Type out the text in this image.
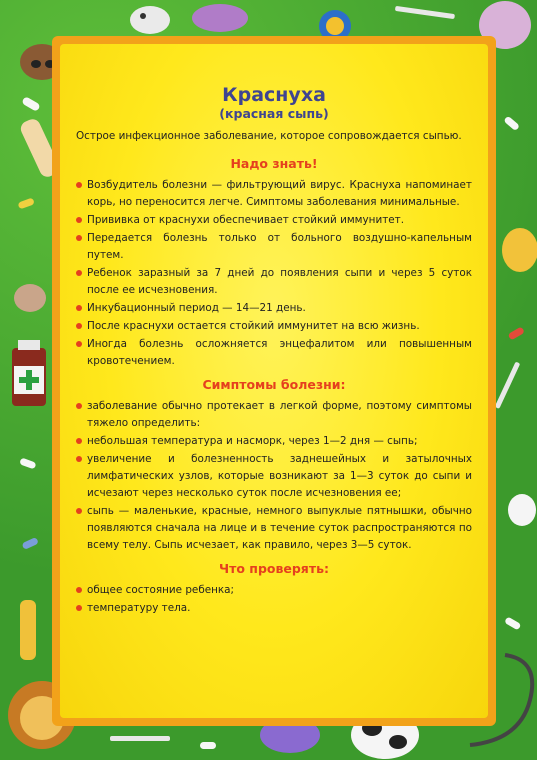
Краснуха
(красная сыпь)

Острое инфекционное заболевание, которое сопровождается сыпью.

Надо знать!
Возбудитель болезни — фильтрующий вирус. Краснуха напоминает корь, но переносится легче. Симптомы заболевания минимальные.
Прививка от краснухи обеспечивает стойкий иммунитет.
Передается болезнь только от больного воздушно-капельным путем.
Ребенок заразный за 7 дней до появления сыпи и через 5 суток после ее исчезновения.
Инкубационный период — 14—21 день.
После краснухи остается стойкий иммунитет на всю жизнь.
Иногда болезнь осложняется энцефалитом или повышенным кровотечением.
Симптомы болезни:
заболевание обычно протекает в легкой форме, поэтому симптомы тяжело определить:
небольшая температура и насморк, через 1—2 дня — сыпь;
увеличение и болезненность заднешейных и затылочных лимфатических узлов, которые возникают за 1—3 суток до сыпи и исчезают через несколько суток после исчезновения ее;
сыпь — маленькие, красные, немного выпуклые пятнышки, обычно появляются сначала на лице и в течение суток распространяются по всему телу. Сыпь исчезает, как правило, через 3—5 суток.
Что проверять:
общее состояние ребенка;
температуру тела.
